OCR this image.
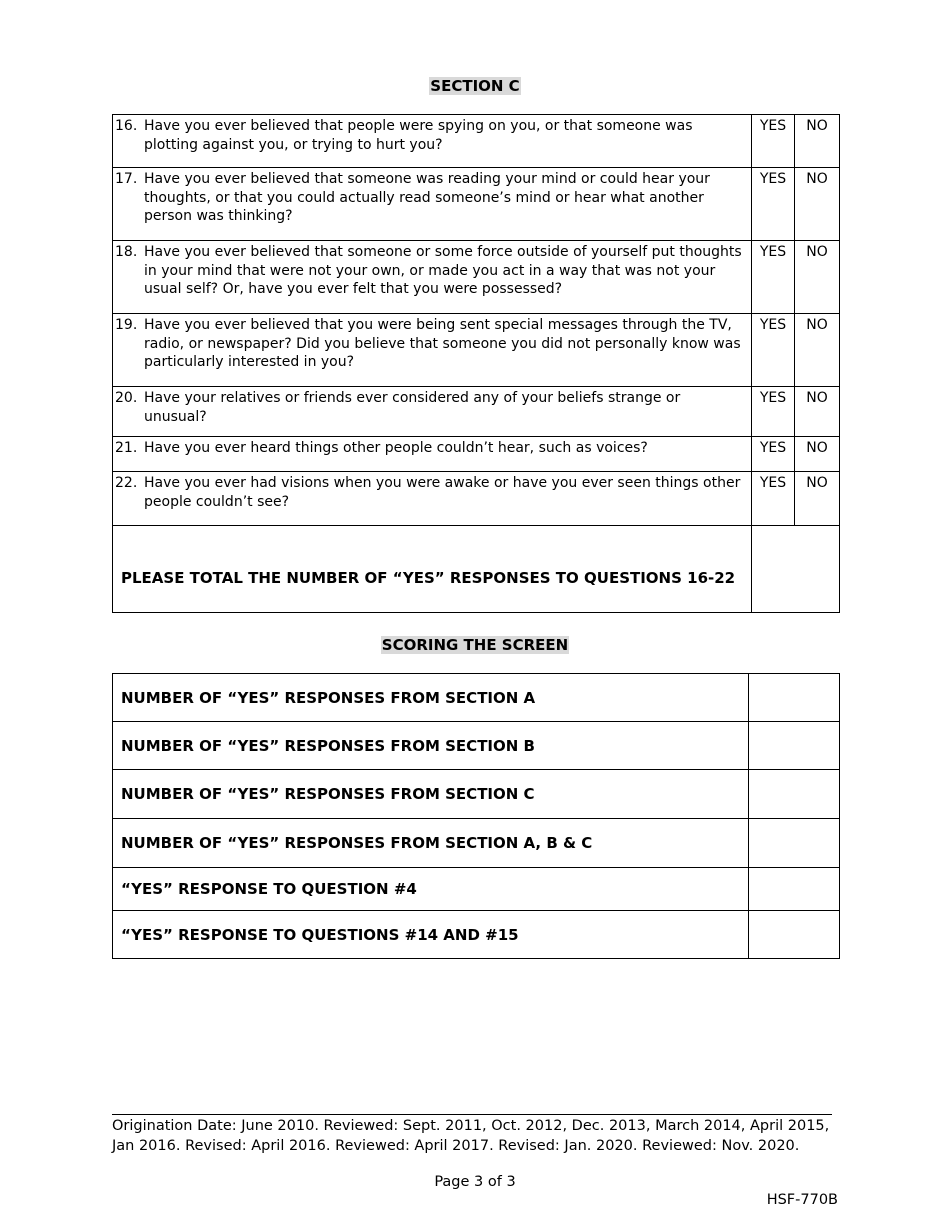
SECTION C
16. Have you ever believed that people were spying on you, or that someone was plotting against you, or trying to hurt you?	YES	NO

17. Have you ever believed that someone was reading your mind or could hear your thoughts, or that you could actually read someone’s mind or hear what another person was thinking?	YES	NO

18. Have you ever believed that someone or some force outside of yourself put thoughts in your mind that were not your own, or made you act in a way that was not your usual self? Or, have you ever felt that you were possessed?	YES	NO

19. Have you ever believed that you were being sent special messages through the TV, radio, or newspaper? Did you believe that someone you did not personally know was particularly interested in you?	YES	NO

20. Have your relatives or friends ever considered any of your beliefs strange or unusual?	YES	NO

21. Have you ever heard things other people couldn’t hear, such as voices?	YES	NO

22. Have you ever had visions when you were awake or have you ever seen things other people couldn’t see?	YES	NO
PLEASE TOTAL THE NUMBER OF “YES” RESPONSES TO QUESTIONS 16-22		
SCORING THE SCREEN
NUMBER OF “YES” RESPONSES FROM SECTION A	
NUMBER OF “YES” RESPONSES FROM SECTION B	
NUMBER OF “YES” RESPONSES FROM SECTION C	
NUMBER OF “YES” RESPONSES FROM SECTION A, B & C	
“YES” RESPONSE TO QUESTION #4	
“YES” RESPONSE TO QUESTIONS #14 AND #15	
Origination Date: June 2010. Reviewed: Sept. 2011, Oct. 2012, Dec. 2013, March 2014, April 2015, Jan 2016. Revised: April 2016. Reviewed: April 2017. Revised: Jan. 2020. Reviewed: Nov. 2020.
Page 3 of 3
HSF-770B
